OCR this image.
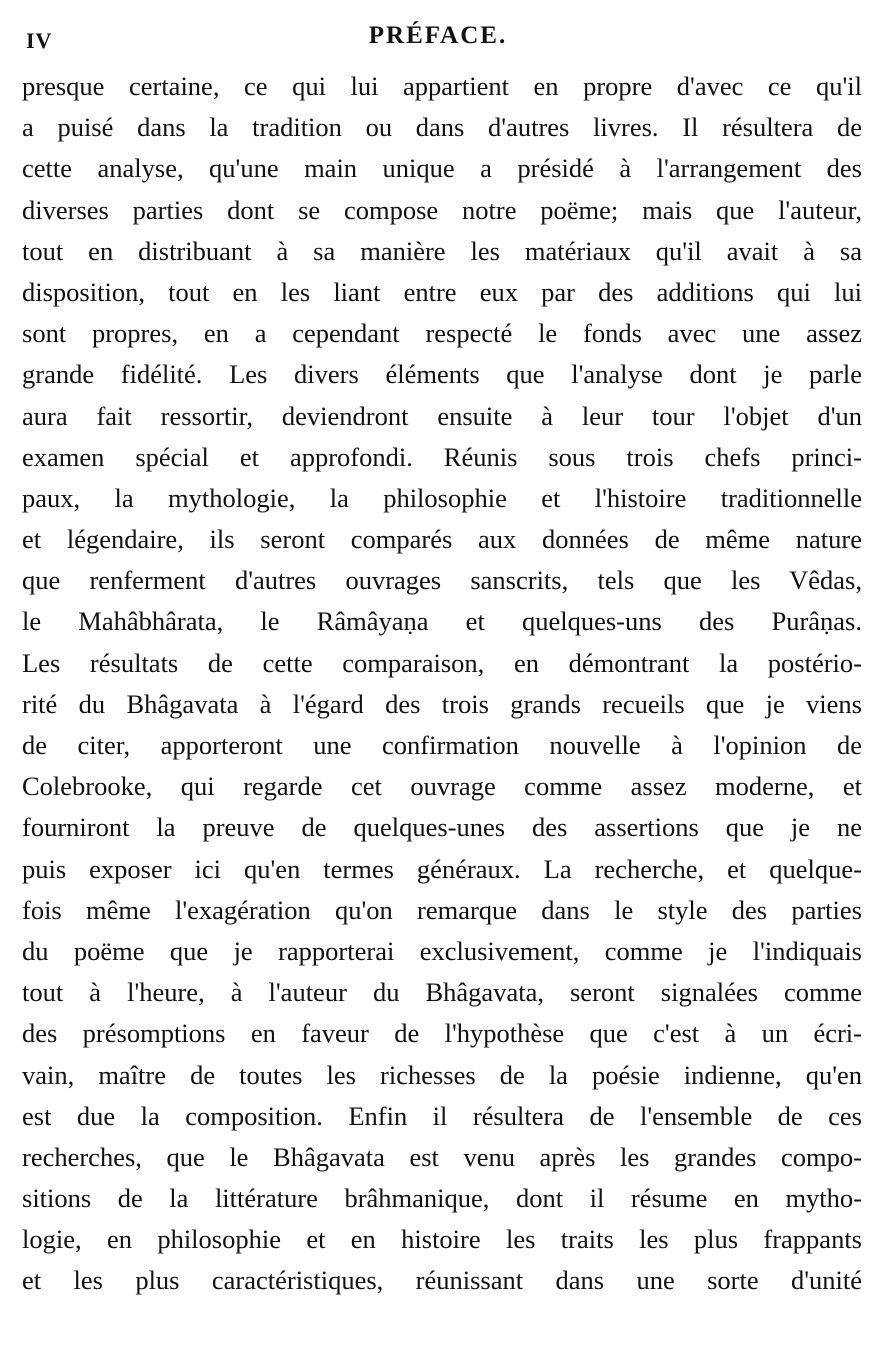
IV	PRÉFACE.
presque certaine, ce qui lui appartient en propre d'avec ce qu'il
a puisé dans la tradition ou dans d'autres livres. Il résultera de
cette analyse, qu'une main unique a présidé à l'arrangement des
diverses parties dont se compose notre poëme; mais que l'auteur,
tout en distribuant à sa manière les matériaux qu'il avait à sa
disposition, tout en les liant entre eux par des additions qui lui
sont propres, en a cependant respecté le fonds avec une assez
grande fidélité. Les divers éléments que l'analyse dont je parle
aura fait ressortir, deviendront ensuite à leur tour l'objet d'un
examen spécial et approfondi. Réunis sous trois chefs princi-
paux, la mythologie, la philosophie et l'histoire traditionnelle
et légendaire, ils seront comparés aux données de même nature
que renferment d'autres ouvrages sanscrits, tels que les Vêdas,
le Mahâbhârata, le Râmâyaṇa et quelques-uns des Purâṇas.
Les résultats de cette comparaison, en démontrant la postério-
rité du Bhâgavata à l'égard des trois grands recueils que je viens
de citer, apporteront une confirmation nouvelle à l'opinion de
Colebrooke, qui regarde cet ouvrage comme assez moderne, et
fourniront la preuve de quelques-unes des assertions que je ne
puis exposer ici qu'en termes généraux. La recherche, et quelque-
fois même l'exagération qu'on remarque dans le style des parties
du poëme que je rapporterai exclusivement, comme je l'indiquais
tout à l'heure, à l'auteur du Bhâgavata, seront signalées comme
des présomptions en faveur de l'hypothèse que c'est à un écri-
vain, maître de toutes les richesses de la poésie indienne, qu'en
est due la composition. Enfin il résultera de l'ensemble de ces
recherches, que le Bhâgavata est venu après les grandes compo-
sitions de la littérature brâhmanique, dont il résume en mytho-
logie, en philosophie et en histoire les traits les plus frappants
et les plus caractéristiques, réunissant dans une sorte d'unité
